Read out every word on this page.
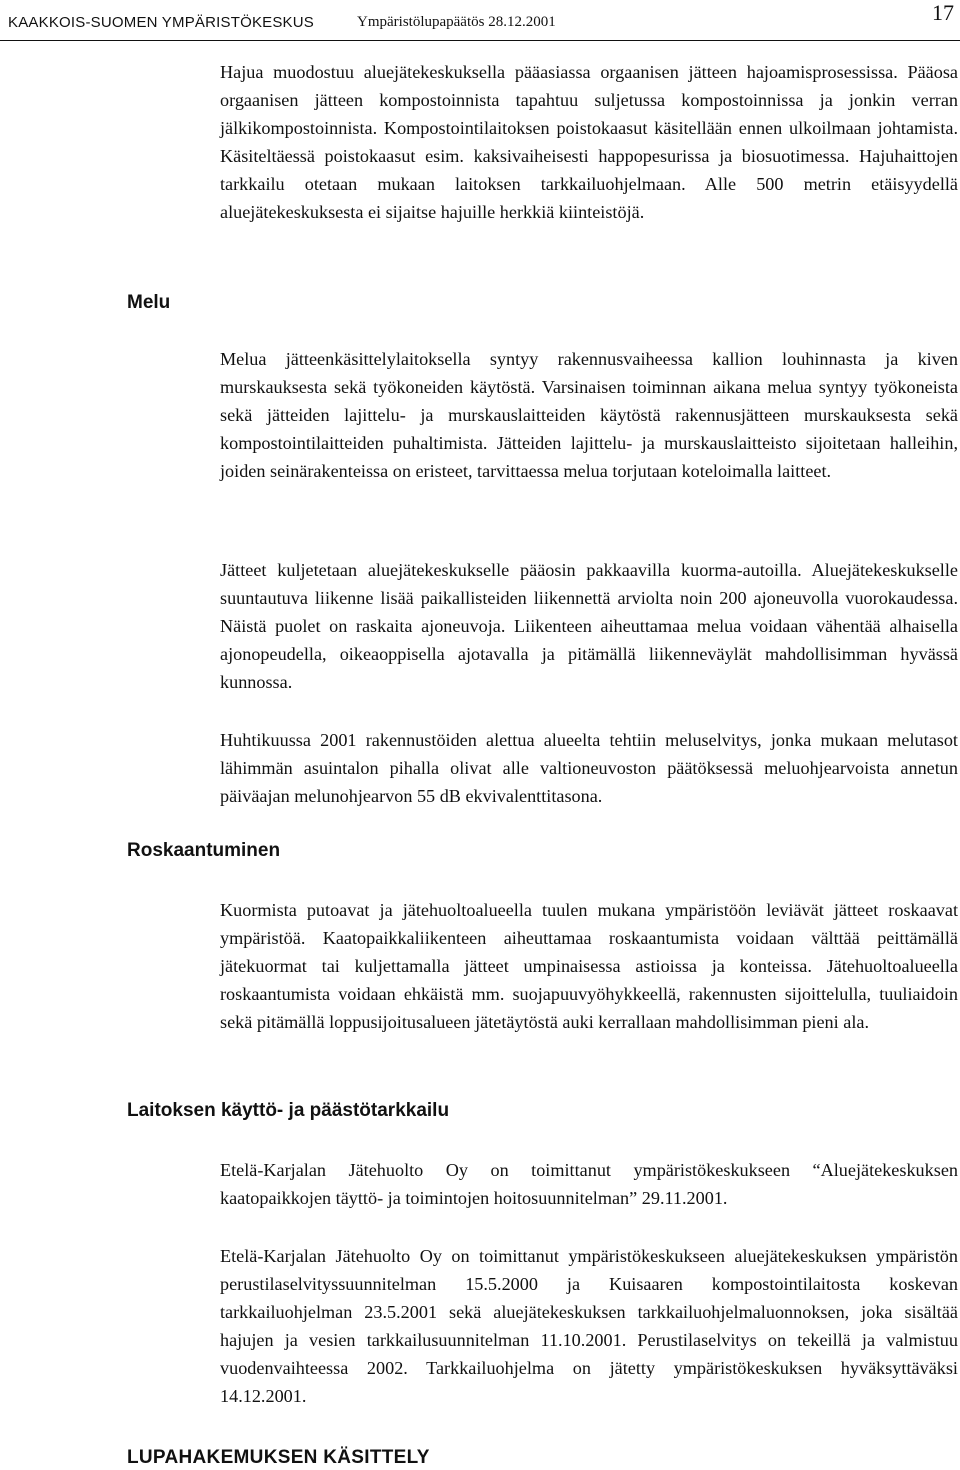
KAAKKOIS-SUOMEN YMPÄRISTÖKESKUS	Ympäristölupapäätös 28.12.2001	17

Hajua muodostuu aluejätekeskuksella pääasiassa orgaanisen jätteen hajoamisprosessissa. Pääosa orgaanisen jätteen kompostoinnista tapahtuu suljetussa kompostoinnissa ja jonkin verran jälkikompostoinnista. Kompostointilaitoksen poistokaasut käsitellään ennen ulkoilmaan johtamista. Käsiteltäessä poistokaasut esim. kaksivaiheisesti happopesurissa ja biosuotimessa. Hajuhaittojen tarkkailu otetaan mukaan laitoksen tarkkailuohjelmaan. Alle 500 metrin etäisyydellä aluejätekeskuksesta ei sijaitse hajuille herkkiä kiinteistöjä.

Melu

Melua jätteenkäsittelylaitoksella syntyy rakennusvaiheessa kallion louhinnasta ja kiven murskauksesta sekä työkoneiden käytöstä. Varsinaisen toiminnan aikana melua syntyy työkoneista sekä jätteiden lajittelu- ja murskauslaitteiden käytöstä rakennusjätteen murskauksesta sekä kompostointilaitteiden puhaltimista. Jätteiden lajittelu- ja murskauslaitteisto sijoitetaan halleihin, joiden seinärakenteissa on eristeet, tarvittaessa melua torjutaan koteloimalla laitteet.

Jätteet kuljetetaan aluejätekeskukselle pääosin pakkaavilla kuorma-autoilla. Aluejätekeskukselle suuntautuva liikenne lisää paikallisteiden liikennettä arviolta noin 200 ajoneuvolla vuorokaudessa. Näistä puolet on raskaita ajoneuvoja. Liikenteen aiheuttamaa melua voidaan vähentää alhaisella ajonopeudella, oikeaoppisella ajotavalla ja pitämällä liikenneväylät mahdollisimman hyvässä kunnossa.

Huhtikuussa 2001 rakennustöiden alettua alueelta tehtiin meluselvitys, jonka mukaan melutasot lähimmän asuintalon pihalla olivat alle valtioneuvoston päätöksessä meluohjearvoista annetun päiväajan melunohjearvon 55 dB ekvivalenttitasona.

Roskaantuminen

Kuormista putoavat ja jätehuoltoalueella tuulen mukana ympäristöön leviävät jätteet roskaavat ympäristöä. Kaatopaikkaliikenteen aiheuttamaa roskaantumista voidaan välttää peittämällä jätekuormat tai kuljettamalla jätteet umpinaisessa astioissa ja konteissa. Jätehuoltoalueella roskaantumista voidaan ehkäistä mm. suojapuuvyöhykkeellä, rakennusten sijoittelulla, tuuliaidoin sekä pitämällä loppusijoitusalueen jätetäytöstä auki kerrallaan mahdollisimman pieni ala.

Laitoksen käyttö- ja päästötarkkailu

Etelä-Karjalan Jätehuolto Oy on toimittanut ympäristökeskukseen “Aluejätekeskuksen kaatopaikkojen täyttö- ja toimintojen hoitosuunnitelman” 29.11.2001.

Etelä-Karjalan Jätehuolto Oy on toimittanut ympäristökeskukseen aluejätekeskuksen ympäristön perustilaselvityssuunnitelman 15.5.2000 ja Kuisaaren kompostointilaitosta koskevan tarkkailuohjelman 23.5.2001 sekä aluejätekeskuksen tarkkailuohjelmaluonnoksen, joka sisältää hajujen ja vesien tarkkailusuunnitelman 11.10.2001. Perustilaselvitys on tekeillä ja valmistuu vuodenvaihteessa 2002. Tarkkailuohjelma on jätetty ympäristökeskuksen hyväksyttäväksi 14.12.2001.

LUPAHAKEMUKSEN KÄSITTELY
